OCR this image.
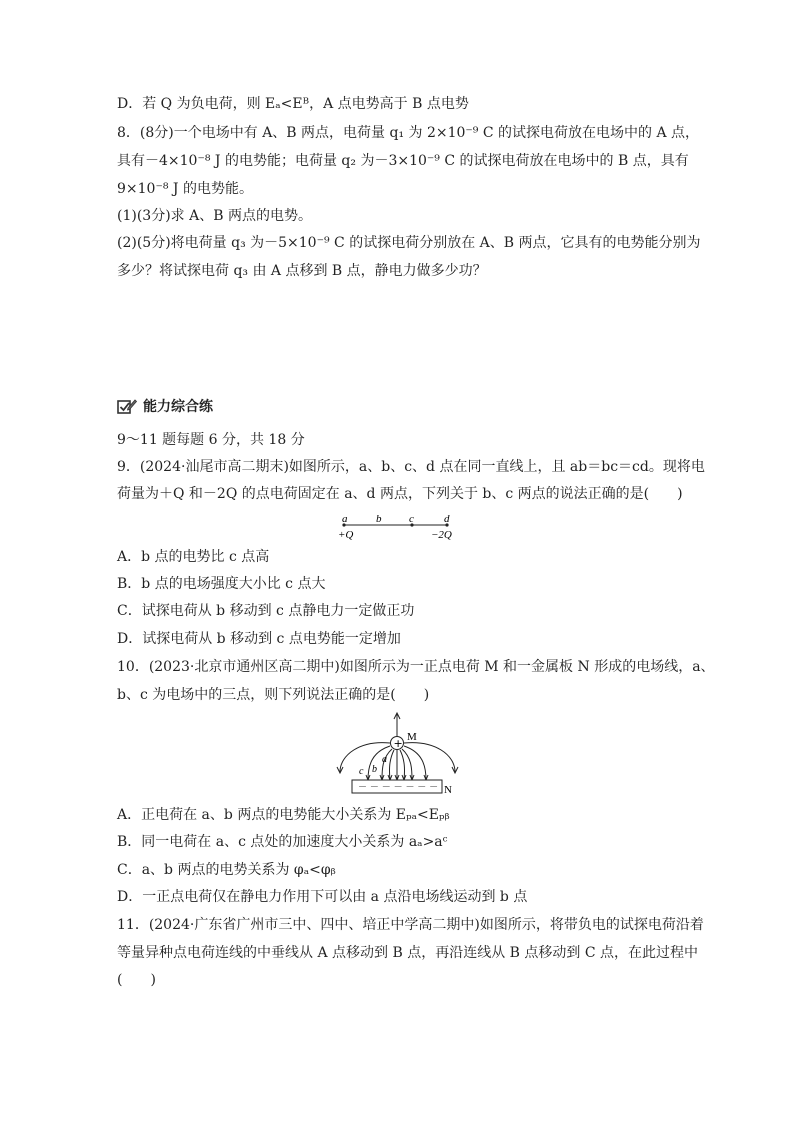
D．若 Q 为负电荷，则 Eₐ<Eᴮ，A 点电势高于 B 点电势
8．(8分)一个电场中有 A、B 两点，电荷量 q₁ 为 2×10⁻⁹ C 的试探电荷放在电场中的 A 点，
具有－4×10⁻⁸ J 的电势能；电荷量 q₂ 为－3×10⁻⁹ C 的试探电荷放在电场中的 B 点，具有
9×10⁻⁸ J 的电势能。
(1)(3分)求 A、B 两点的电势。
(2)(5分)将电荷量 q₃ 为－5×10⁻⁹ C 的试探电荷分别放在 A、B 两点，它具有的电势能分别为
多少？将试探电荷 q₃ 由 A 点移到 B 点，静电力做多少功？
能力综合练
9～11 题每题 6 分，共 18 分
9．(2024·汕尾市高二期末)如图所示，a、b、c、d 点在同一直线上，且 ab＝bc＝cd。现将电
荷量为＋Q 和－2Q 的点电荷固定在 a、d 两点，下列关于 b、c 两点的说法正确的是(　　)
a	b	c	d
+Q	−2Q
A．b 点的电势比 c 点高
B．b 点的电场强度大小比 c 点大
C．试探电荷从 b 移动到 c 点静电力一定做正功
D．试探电荷从 b 移动到 c 点电势能一定增加
10．(2023·北京市通州区高二期中)如图所示为一正点电荷 M 和一金属板 N 形成的电场线，a、
b、c 为电场中的三点，则下列说法正确的是(　　)
+ M
a
b
c
－ － － － － － － N
A．正电荷在 a、b 两点的电势能大小关系为 Eₚₐ<Eₚᵦ
B．同一电荷在 a、c 点处的加速度大小关系为 aₐ>aᶜ
C．a、b 两点的电势关系为 φₐ<φᵦ
D．一正点电荷仅在静电力作用下可以由 a 点沿电场线运动到 b 点
11．(2024·广东省广州市三中、四中、培正中学高二期中)如图所示，将带负电的试探电荷沿着
等量异种点电荷连线的中垂线从 A 点移动到 B 点，再沿连线从 B 点移动到 C 点，在此过程中
(　　)
